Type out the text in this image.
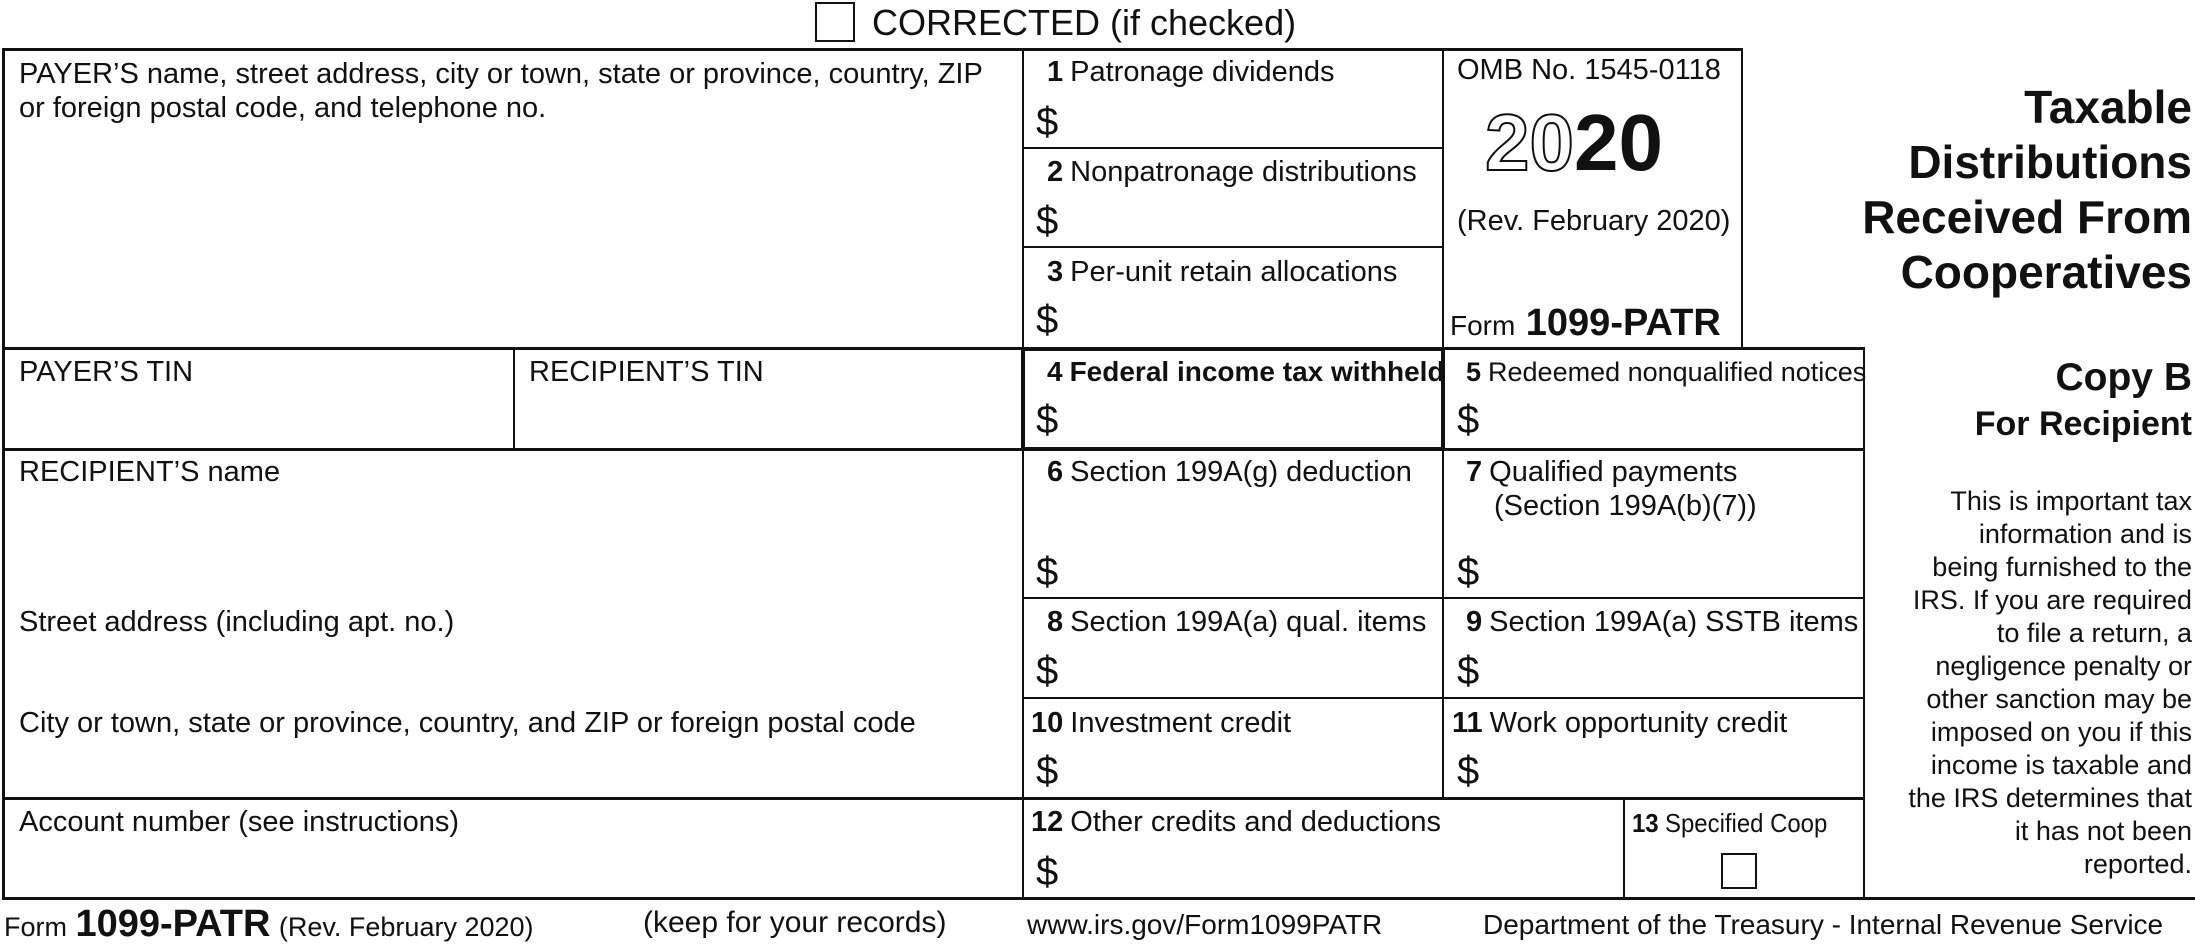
CORRECTED (if checked)
PAYER’S name, street address, city or town, state or province, country, ZIP
or foreign postal code, and telephone no.
1 Patronage dividends
$
2 Nonpatronage distributions
$
3 Per-unit retain allocations
$
OMB No. 1545-0118
2020
(Rev. February 2020)
Form 1099-PATR
Taxable
Distributions
Received From
Cooperatives
PAYER’S TIN	RECIPIENT’S TIN	4 Federal income tax withheld
$
5 Redeemed nonqualified notices
$
Copy B
For Recipient
This is important tax
information and is
being furnished to the
IRS. If you are required
to file a return, a
negligence penalty or
other sanction may be
imposed on you if this
income is taxable and
the IRS determines that
it has not been
reported.
RECIPIENT’S name
Street address (including apt. no.)
City or town, state or province, country, and ZIP or foreign postal code
6 Section 199A(g) deduction
$
7 Qualified payments
(Section 199A(b)(7))
$
8 Section 199A(a) qual. items
$
9 Section 199A(a) SSTB items
$
10 Investment credit
$
11 Work opportunity credit
$
Account number (see instructions)	12 Other credits and deductions
$
13 Specified Coop
Form 1099-PATR (Rev. February 2020)	(keep for your records)	www.irs.gov/Form1099PATR	Department of the Treasury - Internal Revenue Service
